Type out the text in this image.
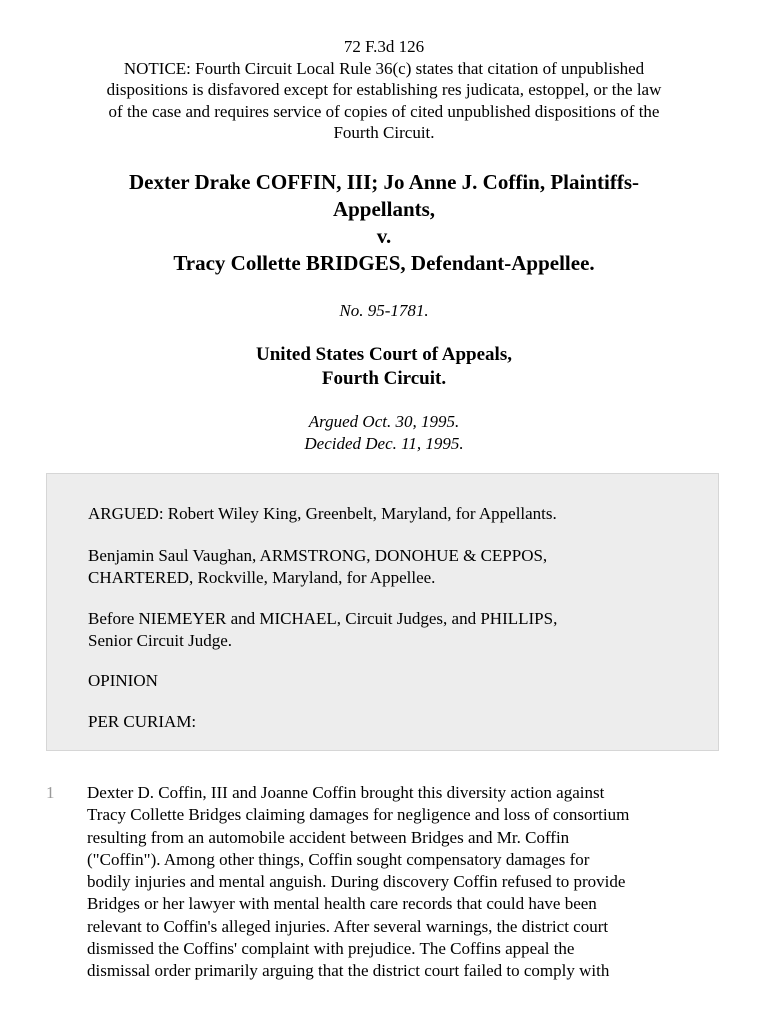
72 F.3d 126
NOTICE: Fourth Circuit Local Rule 36(c) states that citation of unpublished
dispositions is disfavored except for establishing res judicata, estoppel, or the law
of the case and requires service of copies of cited unpublished dispositions of the
Fourth Circuit.
Dexter Drake COFFIN, III; Jo Anne J. Coffin, Plaintiffs-
Appellants,
v.
Tracy Collette BRIDGES, Defendant-Appellee.
No. 95-1781.
United States Court of Appeals,
Fourth Circuit.
Argued Oct. 30, 1995.
Decided Dec. 11, 1995.

ARGUED: Robert Wiley King, Greenbelt, Maryland, for Appellants.

Benjamin Saul Vaughan, ARMSTRONG, DONOHUE & CEPPOS,
CHARTERED, Rockville, Maryland, for Appellee.

Before NIEMEYER and MICHAEL, Circuit Judges, and PHILLIPS,
Senior Circuit Judge.

OPINION

PER CURIAM:

1 Dexter D. Coffin, III and Joanne Coffin brought this diversity action against
Tracy Collette Bridges claiming damages for negligence and loss of consortium
resulting from an automobile accident between Bridges and Mr. Coffin
("Coffin"). Among other things, Coffin sought compensatory damages for
bodily injuries and mental anguish. During discovery Coffin refused to provide
Bridges or her lawyer with mental health care records that could have been
relevant to Coffin's alleged injuries. After several warnings, the district court
dismissed the Coffins' complaint with prejudice. The Coffins appeal the
dismissal order primarily arguing that the district court failed to comply with
